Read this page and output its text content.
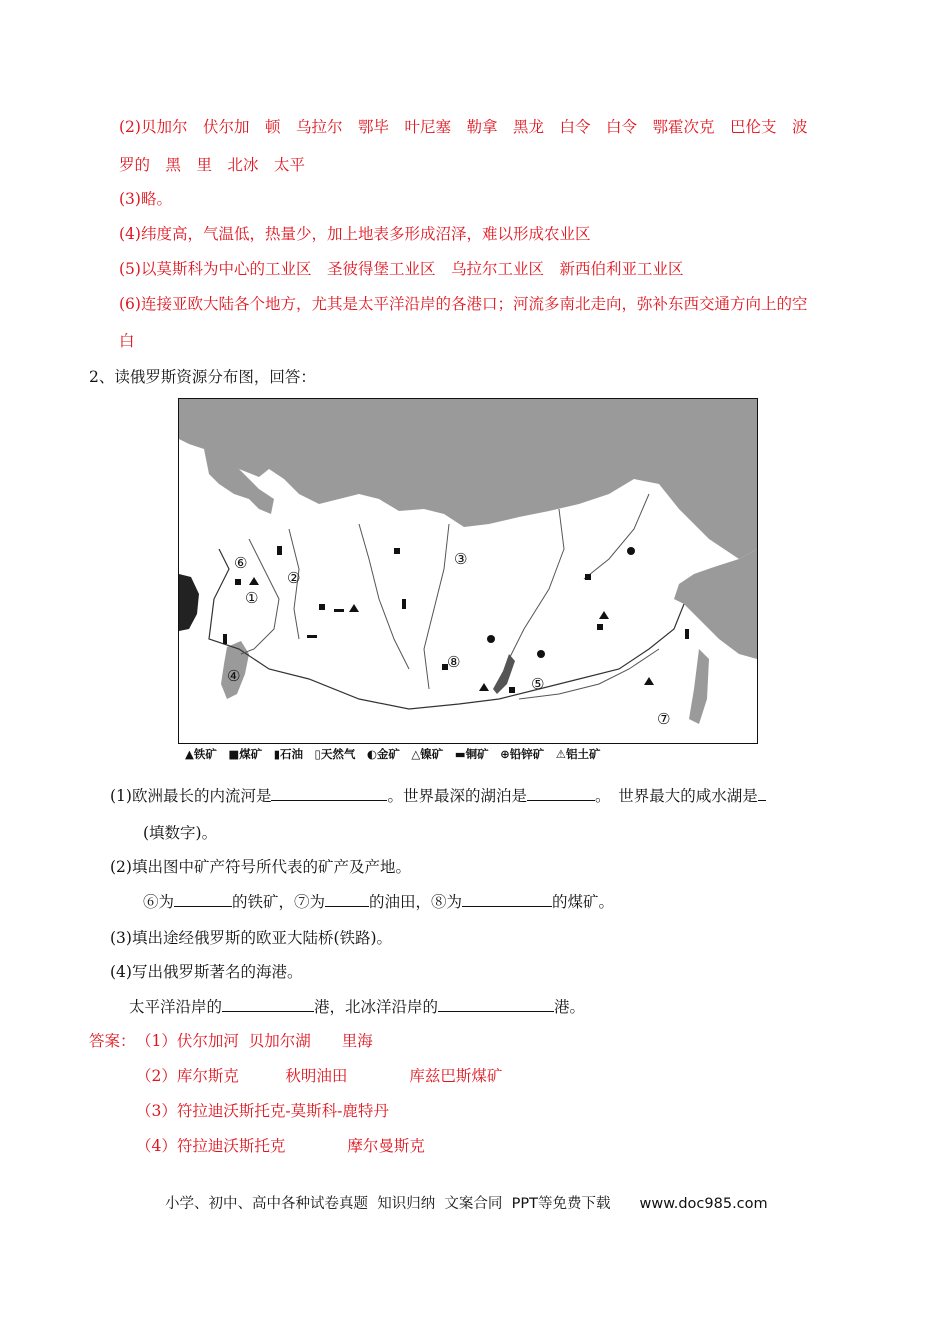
(2)贝加尔　伏尔加　顿　乌拉尔　鄂毕　叶尼塞　勒拿　黑龙　白令　白令　鄂霍次克　巴伦支　波
罗的　黑　里　北冰　太平
(3)略。
(4)纬度高，气温低，热量少，加上地表多形成沼泽，难以形成农业区
(5)以莫斯科为中心的工业区　圣彼得堡工业区　乌拉尔工业区　新西伯利亚工业区
(6)连接亚欧大陆各个地方，尤其是太平洋沿岸的各港口；河流多南北走向，弥补东西交通方向上的空
白
2、读俄罗斯资源分布图，回答：
⑥
①
②
③
④	⑤
⑦
⑧
▲铁矿　■煤矿　▮石油　▯天然气　◐金矿　△镍矿　▬铜矿　⊕铅锌矿　⚠铝土矿
(1)欧洲最长的内流河是	。世界最深的湖泊是	。　世界最大的咸水湖是
(填数字)。
(2)填出图中矿产符号所代表的矿产及产地。
⑥为	的铁矿，⑦为	的油田，⑧为	的煤矿。
(3)填出途经俄罗斯的欧亚大陆桥(铁路)。
(4)写出俄罗斯著名的海港。
太平洋沿岸的	港，北冰洋沿岸的	港。
答案： （1）伏尔加河  贝加尔湖　　里海
（2）库尔斯克　　　秋明油田　　　　库兹巴斯煤矿
（3）符拉迪沃斯托克-莫斯科-鹿特丹
（4）符拉迪沃斯托克　　　　摩尔曼斯克
小学、初中、高中各种试卷真题  知识归纳  文案合同  PPT等免费下载　　www.doc985.com
